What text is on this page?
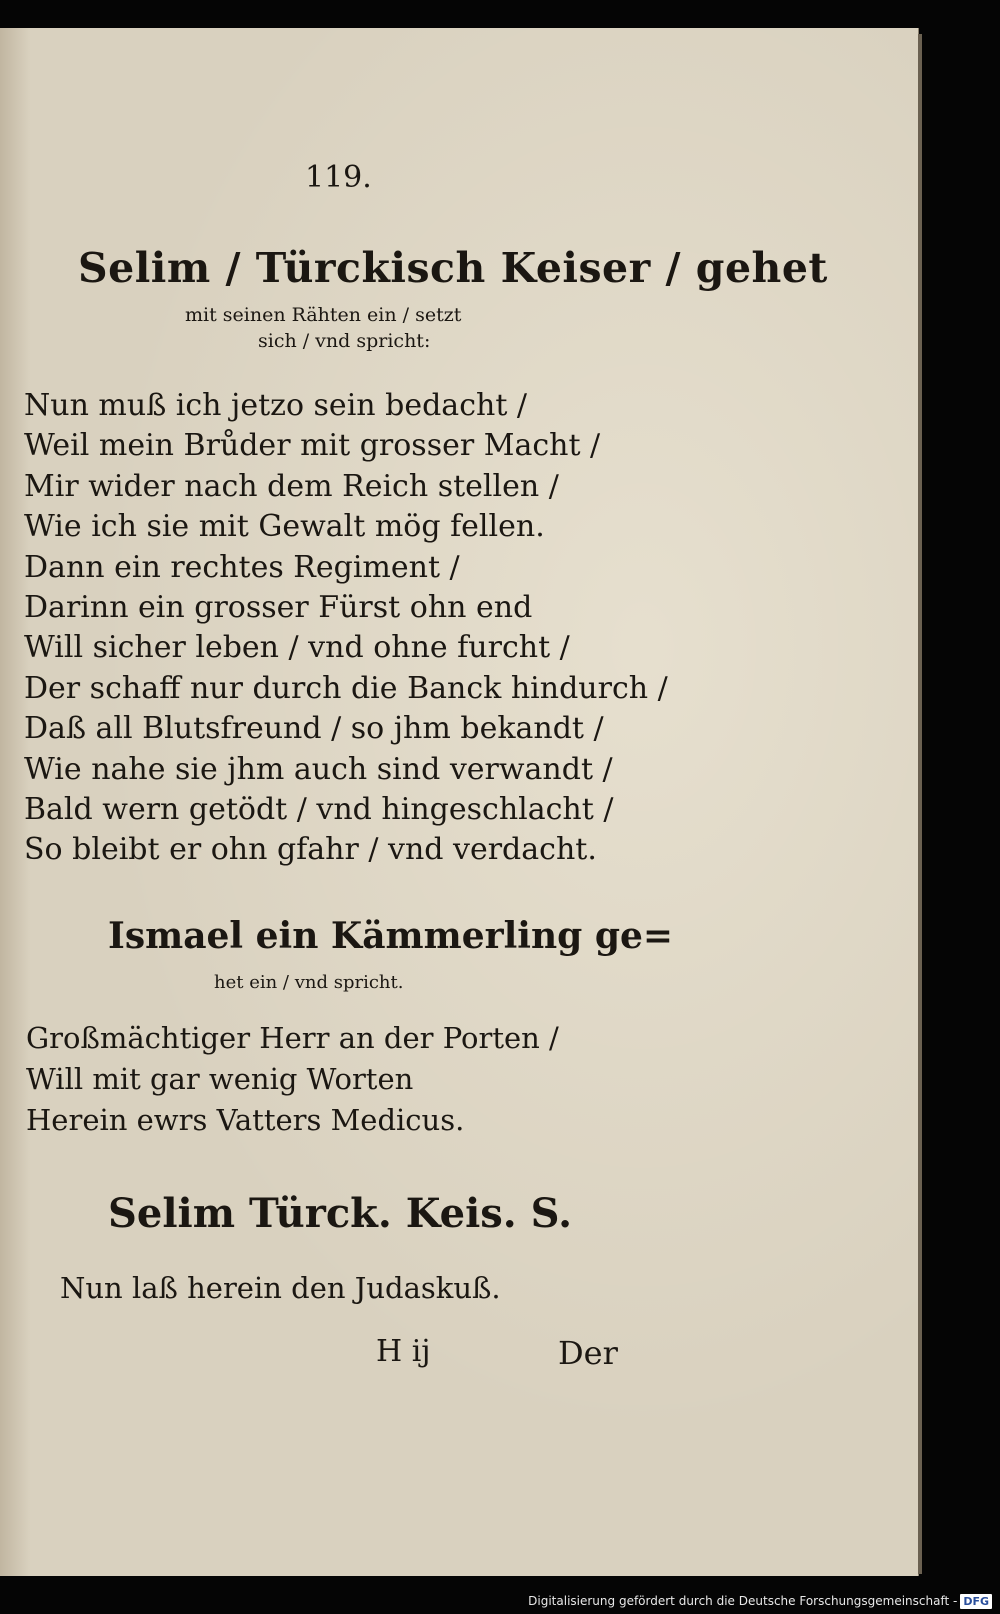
119.
Selim / Türckisch Keiser / gehet
mit seinen Rähten ein / setzt
sich / vnd spricht:
Nun muß ich jetzo sein bedacht /
Weil mein Brůder mit grosser Macht /
Mir wider nach dem Reich stellen /
Wie ich sie mit Gewalt mög fellen.
Dann ein rechtes Regiment /
Darinn ein grosser Fürst ohn end
Will sicher leben / vnd ohne furcht /
Der schaff nur durch die Banck hindurch /
Daß all Blutsfreund / so jhm bekandt /
Wie nahe sie jhm auch sind verwandt /
Bald wern getödt / vnd hingeschlacht /
So bleibt er ohn gfahr / vnd verdacht.
Ismael ein Kämmerling ge=
het ein / vnd spricht.
Großmächtiger Herr an der Porten /
Will mit gar wenig Worten
Herein ewrs Vatters Medicus.
Selim Türck. Keis. S.
Nun laß herein den Judaskuß.
H ij	Der
Digitalisierung gefördert durch die Deutsche Forschungsgemeinschaft - DFG
